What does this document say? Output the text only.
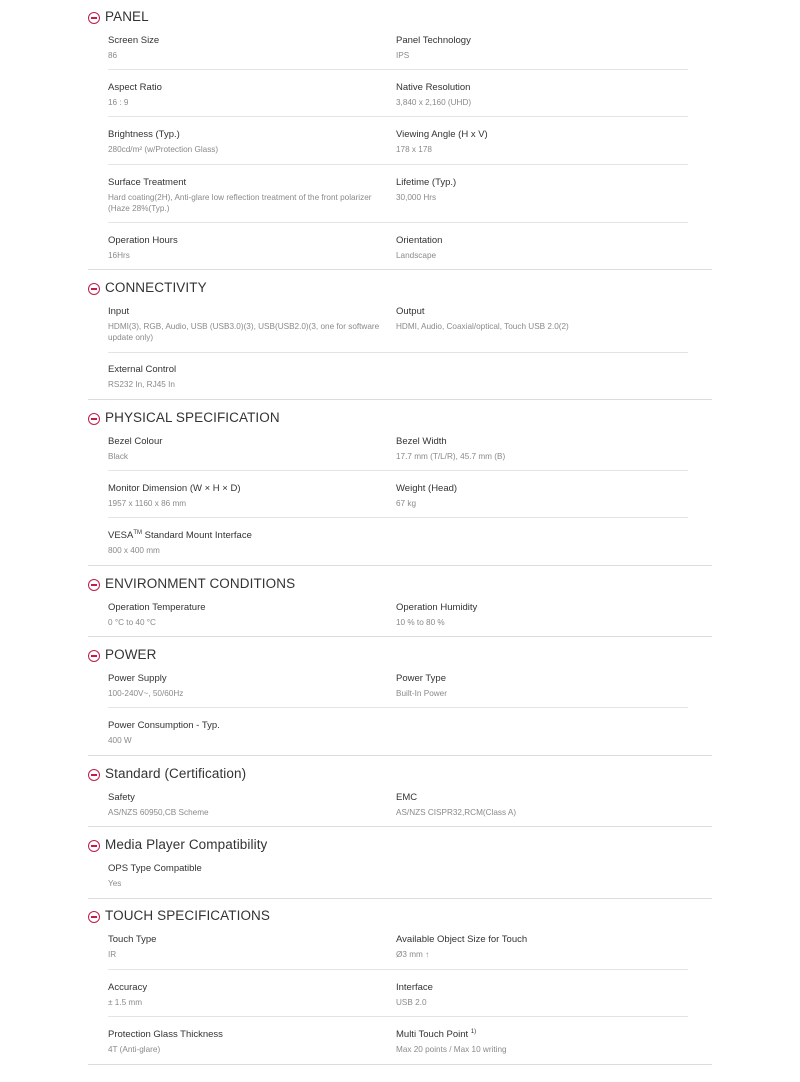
PANEL
Screen Size
86
Panel Technology
IPS
Aspect Ratio
16 : 9
Native Resolution
3,840 x 2,160 (UHD)
Brightness (Typ.)
280cd/m² (w/Protection Glass)
Viewing Angle (H x V)
178 x 178
Surface Treatment
Hard coating(2H), Anti-glare low reflection treatment of the front polarizer (Haze 28%(Typ.)
Lifetime (Typ.)
30,000 Hrs
Operation Hours
16Hrs
Orientation
Landscape
CONNECTIVITY
Input
HDMI(3), RGB, Audio, USB (USB3.0)(3), USB(USB2.0)(3, one for software update only)
Output
HDMI, Audio, Coaxial/optical, Touch USB 2.0(2)
External Control
RS232 In, RJ45 In
PHYSICAL SPECIFICATION
Bezel Colour
Black
Bezel Width
17.7 mm (T/L/R), 45.7 mm (B)
Monitor Dimension (W × H × D)
1957 x 1160 x 86 mm
Weight (Head)
67 kg
VESA™ Standard Mount Interface
800 x 400 mm
ENVIRONMENT CONDITIONS
Operation Temperature
0 °C to 40 °C
Operation Humidity
10 % to 80 %
POWER
Power Supply
100-240V~, 50/60Hz
Power Type
Built-In Power
Power Consumption - Typ.
400 W
Standard (Certification)
Safety
AS/NZS 60950,CB Scheme
EMC
AS/NZS CISPR32,RCM(Class A)
Media Player Compatibility
OPS Type Compatible
Yes
TOUCH SPECIFICATIONS
Touch Type
IR
Available Object Size for Touch
Ø3 mm ↑
Accuracy
± 1.5 mm
Interface
USB 2.0
Protection Glass Thickness
4T (Anti-glare)
Multi Touch Point $^{1)}$
Max 20 points / Max 10 writing
